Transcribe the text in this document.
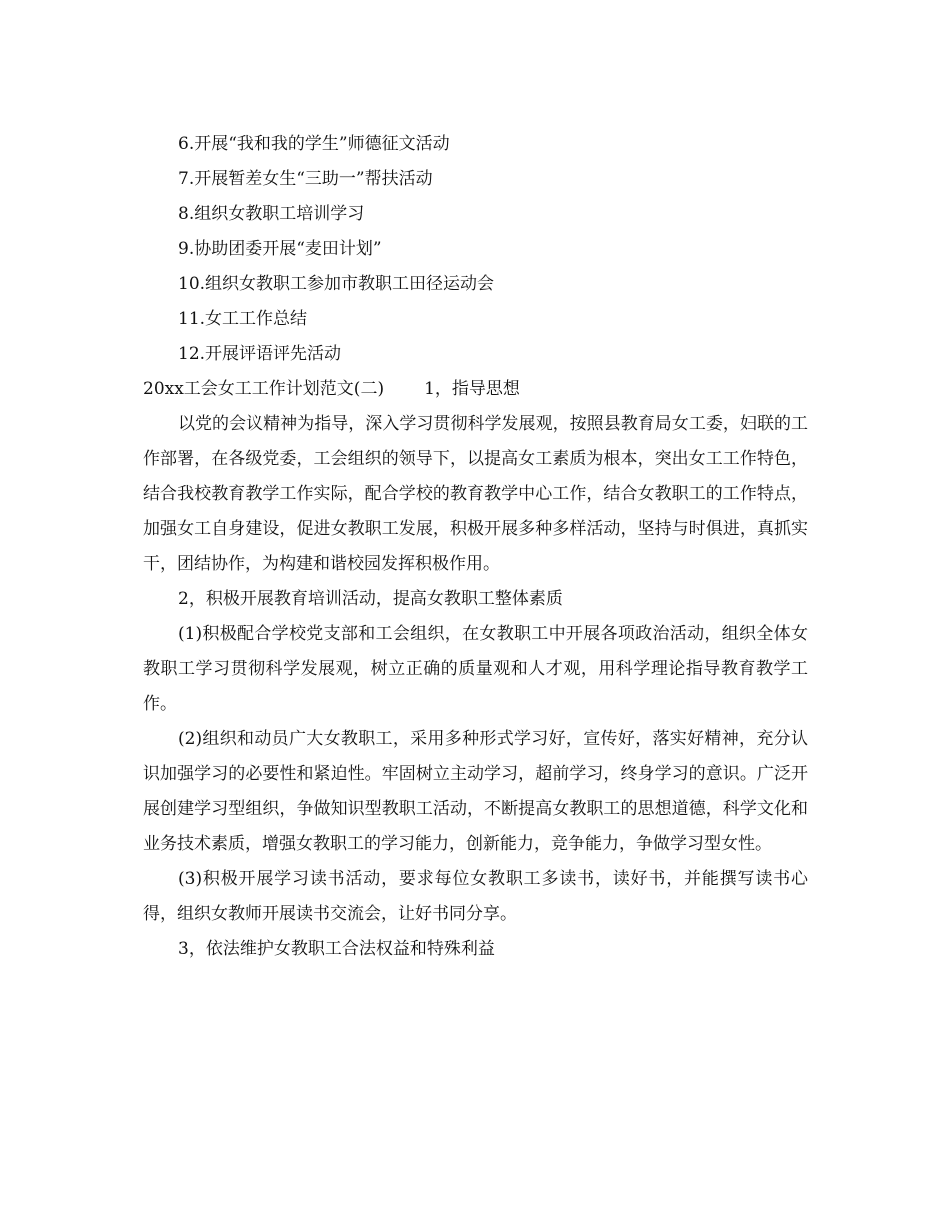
6.开展“我和我的学生”师德征文活动
7.开展暂差女生“三助一”帮扶活动
8.组织女教职工培训学习
9.协助团委开展“麦田计划”
10.组织女教职工参加市教职工田径运动会
11.女工工作总结
12.开展评语评先活动
20xx工会女工工作计划范文(二) 1，指导思想

以党的会议精神为指导，深入学习贯彻科学发展观，按照县教育局女工委，妇联的工作部署，在各级党委，工会组织的领导下，以提高女工素质为根本，突出女工工作特色，结合我校教育教学工作实际，配合学校的教育教学中心工作，结合女教职工的工作特点，加强女工自身建设，促进女教职工发展，积极开展多种多样活动，坚持与时俱进，真抓实干，团结协作，为构建和谐校园发挥积极作用。

2，积极开展教育培训活动，提高女教职工整体素质

(1)积极配合学校党支部和工会组织，在女教职工中开展各项政治活动，组织全体女教职工学习贯彻科学发展观，树立正确的质量观和人才观，用科学理论指导教育教学工作。

(2)组织和动员广大女教职工，采用多种形式学习好，宣传好，落实好精神，充分认识加强学习的必要性和紧迫性。牢固树立主动学习，超前学习，终身学习的意识。广泛开展创建学习型组织，争做知识型教职工活动，不断提高女教职工的思想道德，科学文化和业务技术素质，增强女教职工的学习能力，创新能力，竞争能力，争做学习型女性。

(3)积极开展学习读书活动，要求每位女教职工多读书，读好书，并能撰写读书心得，组织女教师开展读书交流会，让好书同分享。

3，依法维护女教职工合法权益和特殊利益
